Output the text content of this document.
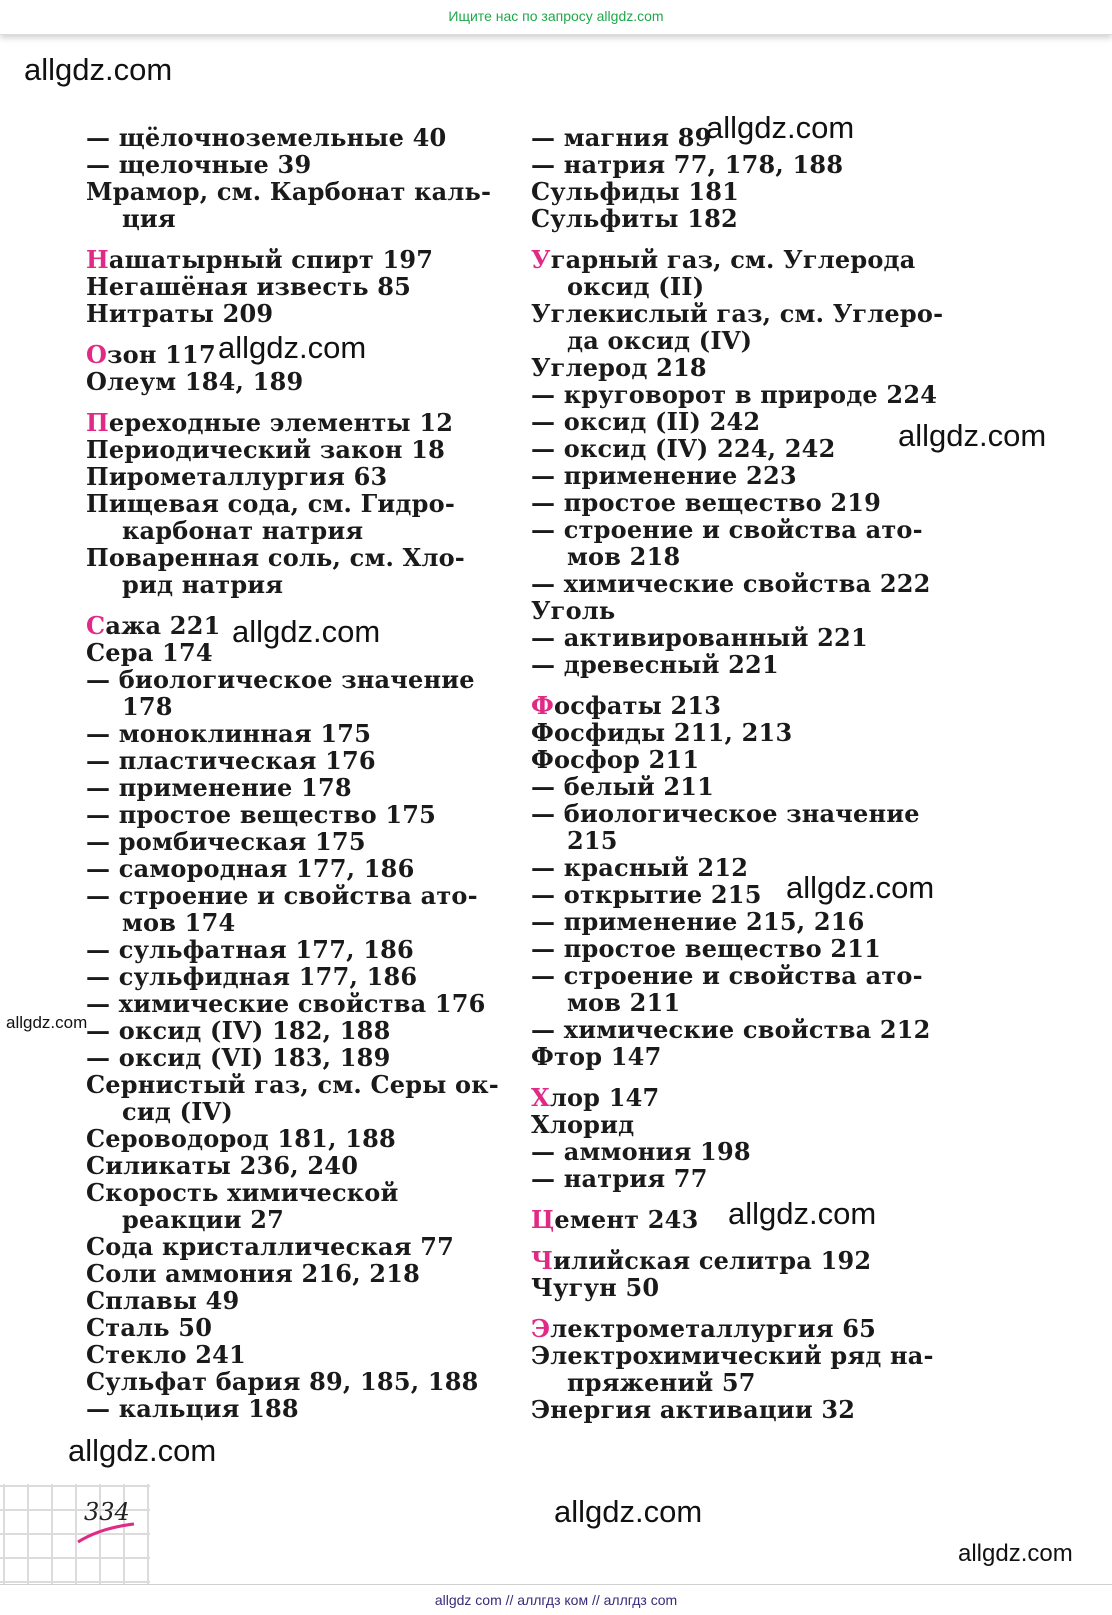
Ищите нас по запросу allgdz.com
— щёлочноземельные 40
— щелочные 39
Мрамор, см. Карбонат каль-
ция
Нашатырный спирт 197
Негашёная известь 85
Нитраты 209
Озон 117
Олеум 184, 189
Переходные элементы 12
Периодический закон 18
Пирометаллургия 63
Пищевая сода, см. Гидро-
карбонат натрия
Поваренная соль, см. Хло-
рид натрия
Сажа 221
Сера 174
— биологическое значение
178
— моноклинная 175
— пластическая 176
— применение 178
— простое вещество 175
— ромбическая 175
— самородная 177, 186
— строение и свойства ато-
мов 174
— сульфатная 177, 186
— сульфидная 177, 186
— химические свойства 176
— оксид (IV) 182, 188
— оксид (VI) 183, 189
Сернистый газ, см. Серы ок-
сид (IV)
Сероводород 181, 188
Силикаты 236, 240
Скорость химической
реакции 27
Сода кристаллическая 77
Соли аммония 216, 218
Сплавы 49
Сталь 50
Стекло 241
Сульфат бария 89, 185, 188
— кальция 188
— магния 89
— натрия 77, 178, 188
Сульфиды 181
Сульфиты 182
Угарный газ, см. Углерода
оксид (II)
Углекислый газ, см. Углеро-
да оксид (IV)
Углерод 218
— круговорот в природе 224
— оксид (II) 242
— оксид (IV) 224, 242
— применение 223
— простое вещество 219
— строение и свойства ато-
мов 218
— химические свойства 222
Уголь
— активированный 221
— древесный 221
Фосфаты 213
Фосфиды 211, 213
Фосфор 211
— белый 211
— биологическое значение
215
— красный 212
— открытие 215
— применение 215, 216
— простое вещество 211
— строение и свойства ато-
мов 211
— химические свойства 212
Фтор 147
Хлор 147
Хлорид
— аммония 198
— натрия 77
Цемент 243
Чилийская селитра 192
Чугун 50
Электрометаллургия 65
Электрохимический ряд на-
пряжений 57
Энергия активации 32
allgdz.com
allgdz.com
allgdz.com
allgdz.com
allgdz.com
allgdz.com
allgdz.com
allgdz.com
allgdz.com
allgdz.com
allgdz.com
334
allgdz com // аллгдз ком // аллгдз com
